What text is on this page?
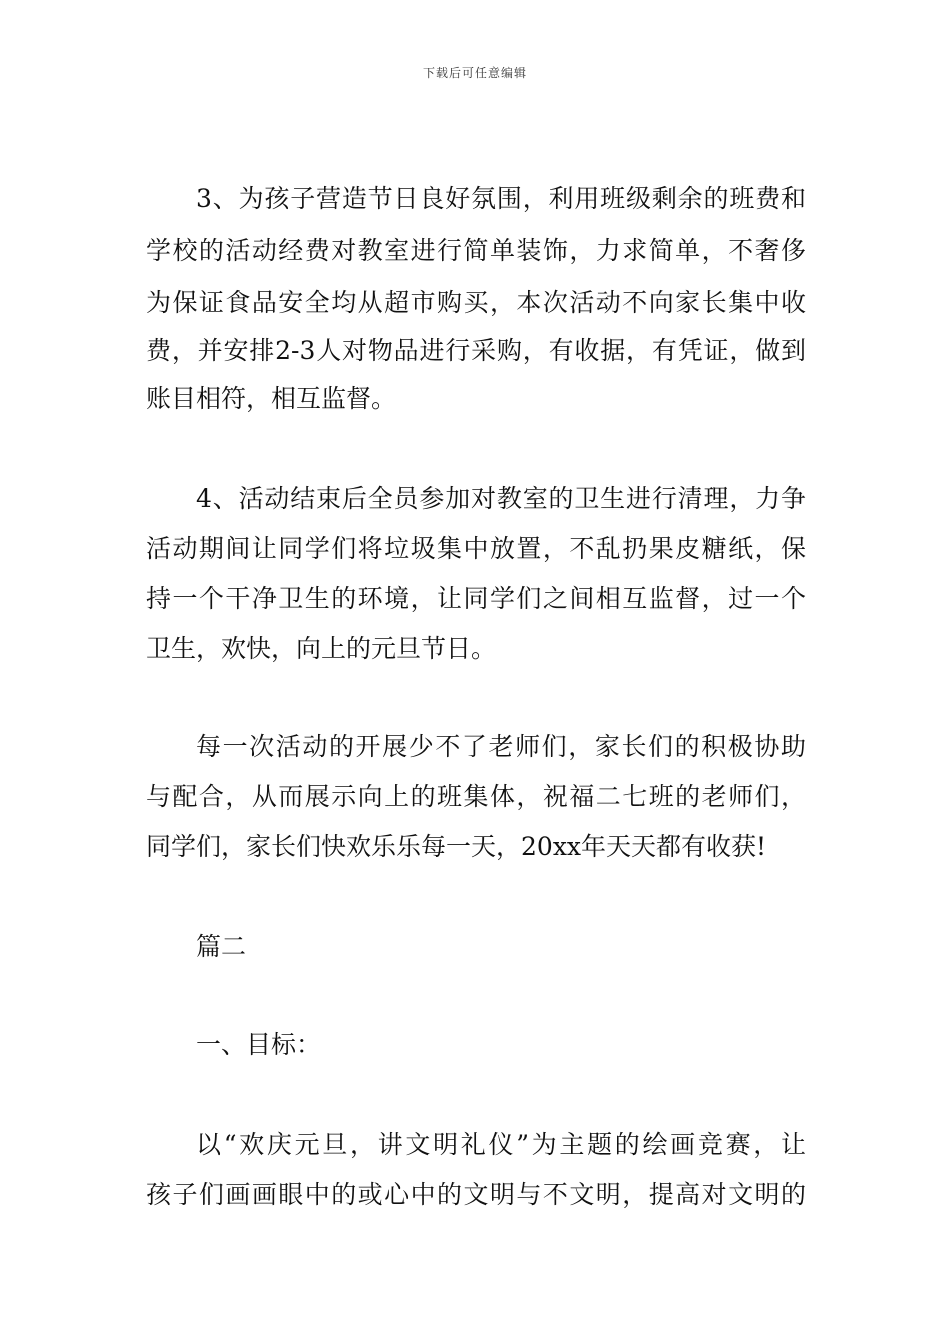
下载后可任意编辑
3、为孩子营造节日良好氛围，利用班级剩余的班费和
学校的活动经费对教室进行简单装饰，力求简单，不奢侈
为保证食品安全均从超市购买，本次活动不向家长集中收
费，并安排2-3人对物品进行采购，有收据，有凭证，做到
账目相符，相互监督。
4、活动结束后全员参加对教室的卫生进行清理，力争
活动期间让同学们将垃圾集中放置，不乱扔果皮糖纸，保
持一个干净卫生的环境，让同学们之间相互监督，过一个
卫生，欢快，向上的元旦节日。
每一次活动的开展少不了老师们，家长们的积极协助
与配合，从而展示向上的班集体，祝福二七班的老师们，
同学们，家长们快欢乐乐每一天，20xx年天天都有收获!
篇二
一、目标：
以“欢庆元旦，讲文明礼仪”为主题的绘画竞赛，让
孩子们画画眼中的或心中的文明与不文明，提高对文明的
